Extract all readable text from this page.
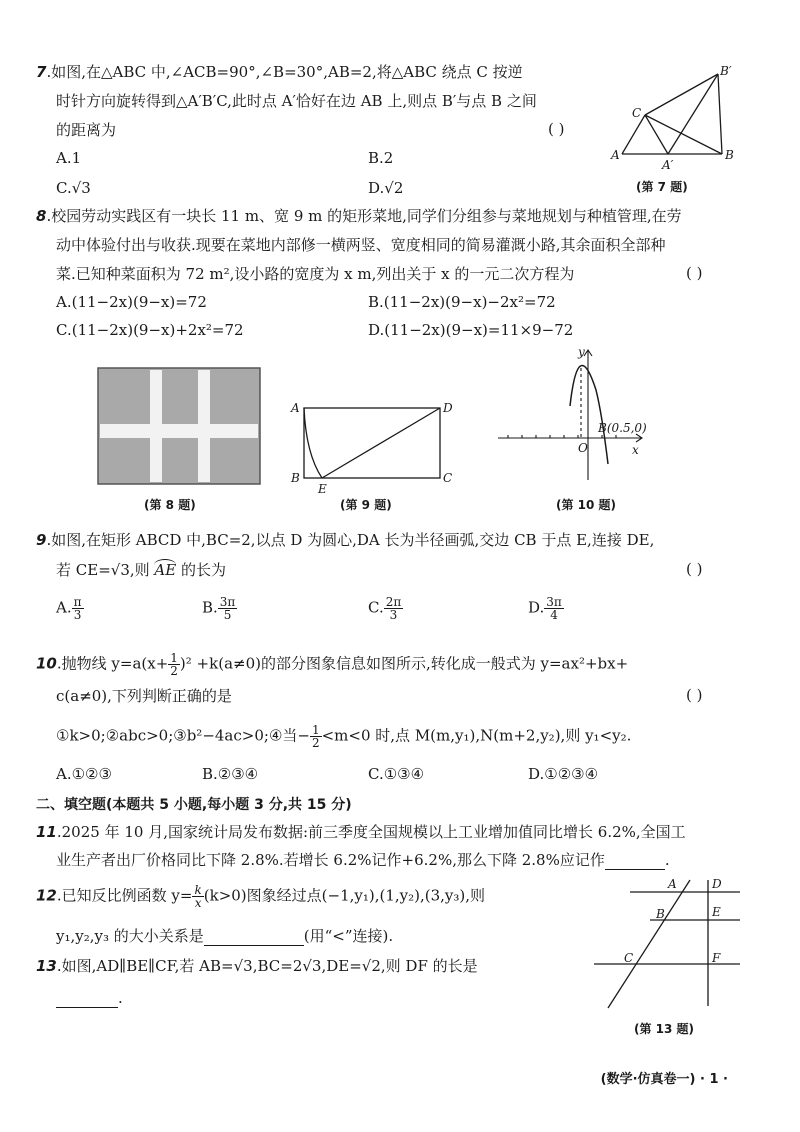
7.如图,在△ABC 中,∠ACB=90°,∠B=30°,AB=2,将△ABC 绕点 C 按逆
时针方向旋转得到△A′B′C,此时点 A′恰好在边 AB 上,则点 B′与点 B 之间
的距离为	( )
A.1	B.2
C.√3	D.√2
B′
C
A
A′
B
(第 7 题)
8.校园劳动实践区有一块长 11 m、宽 9 m 的矩形菜地,同学们分组参与菜地规划与种植管理,在劳
动中体验付出与收获.现要在菜地内部修一横两竖、宽度相同的简易灌溉小路,其余面积全部种
菜.已知种菜面积为 72 m²,设小路的宽度为 x m,列出关于 x 的一元二次方程为	( )
A.(11−2x)(9−x)=72	B.(11−2x)(9−x)−2x²=72
C.(11−2x)(9−x)+2x²=72	D.(11−2x)(9−x)=11×9−72
(第 8 题)
A	D
B
E
C
(第 9 题)
y
x
O
B(0.5,0)
(第 10 题)
9.如图,在矩形 ABCD 中,BC=2,以点 D 为圆心,DA 长为半径画弧,交边 CB 于点 E,连接 DE,
若 CE=√3,则 AE 的长为	( )
A. $\frac{\pi}{3}$	B. $\frac{3\pi}{5}$	C. $\frac{2\pi}{3}$	D. $\frac{3\pi}{4}$
10.抛物线 $y=a(x+ \frac{1}{2} )^2 +k(a\ne 0)$的部分图象信息如图所示,转化成一般式为 y=ax²+bx+
c(a≠0),下列判断正确的是	( )
①k>0;②abc>0;③b²−4ac>0;④当− $\frac{1}{2} <m<0$ 时,点 M(m,y₁),N(m+2,y₂),则 y₁<y₂.
A.①②③	B.②③④	C.①③④	D.①②③④
二、填空题(本题共 5 小题,每小题 3 分,共 15 分)
11.2025 年 10 月,国家统计局发布数据:前三季度全国规模以上工业增加值同比增长 6.2%,全国工
业生产者出厂价格同比下降 2.8%.若增长 6.2%记作+6.2%,那么下降 2.8%应记作	.
12.已知反比例函数 $y= \frac{k}{x} (k>0)$图象经过点(−1,y₁),(1,y₂),(3,y₃),则
y₁,y₂,y₃ 的大小关系是	(用“<”连接).
13.如图,AD∥BE∥CF,若 AB=√3,BC=2√3,DE=√2,则 DF 的长是
.
A	D
B	E
C	F
(第 13 题)
(数学·仿真卷一) · 1 ·
